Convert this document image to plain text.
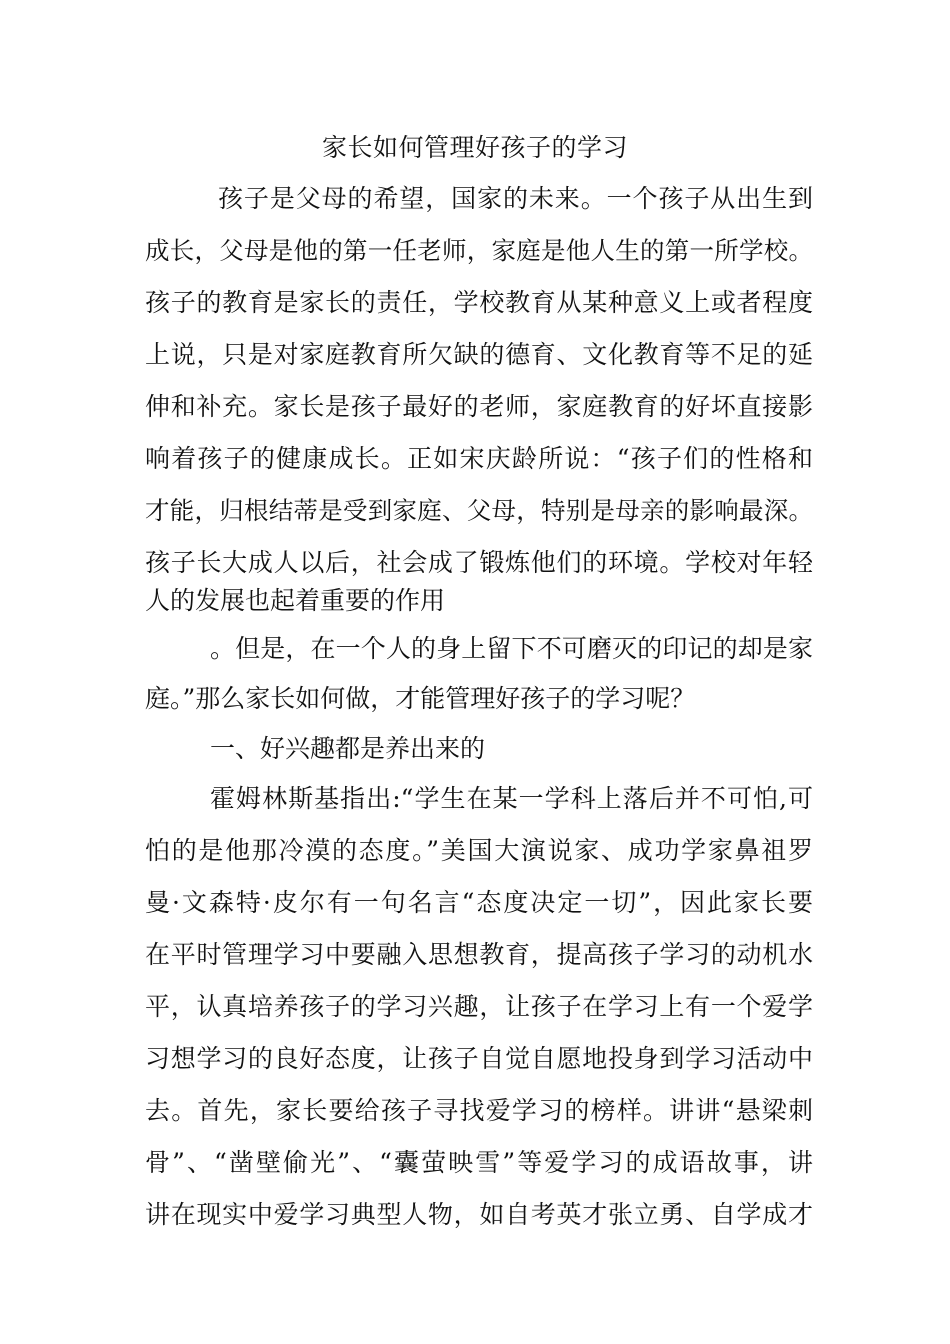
家长如何管理好孩子的学习
孩子是父母的希望，国家的未来。一个孩子从出生到
成长，父母是他的第一任老师，家庭是他人生的第一所学校。
孩子的教育是家长的责任，学校教育从某种意义上或者程度
上说，只是对家庭教育所欠缺的德育、文化教育等不足的延
伸和补充。家长是孩子最好的老师，家庭教育的好坏直接影
响着孩子的健康成长。正如宋庆龄所说：“孩子们的性格和
才能，归根结蒂是受到家庭、父母，特别是母亲的影响最深。
孩子长大成人以后，社会成了锻炼他们的环境。学校对年轻
人的发展也起着重要的作用
。但是，在一个人的身上留下不可磨灭的印记的却是家
庭。”那么家长如何做，才能管理好孩子的学习呢？
一、好兴趣都是养出来的
霍姆林斯基指出:“学生在某一学科上落后并不可怕,可
怕的是他那冷漠的态度。”美国大演说家、成功学家鼻祖罗
曼·文森特·皮尔有一句名言“态度决定一切”，因此家长要
在平时管理学习中要融入思想教育，提高孩子学习的动机水
平，认真培养孩子的学习兴趣，让孩子在学习上有一个爱学
习想学习的良好态度，让孩子自觉自愿地投身到学习活动中
去。首先，家长要给孩子寻找爱学习的榜样。讲讲“悬梁刺
骨”、“凿壁偷光”、“囊萤映雪”等爱学习的成语故事，讲
讲在现实中爱学习典型人物，如自考英才张立勇、自学成才
